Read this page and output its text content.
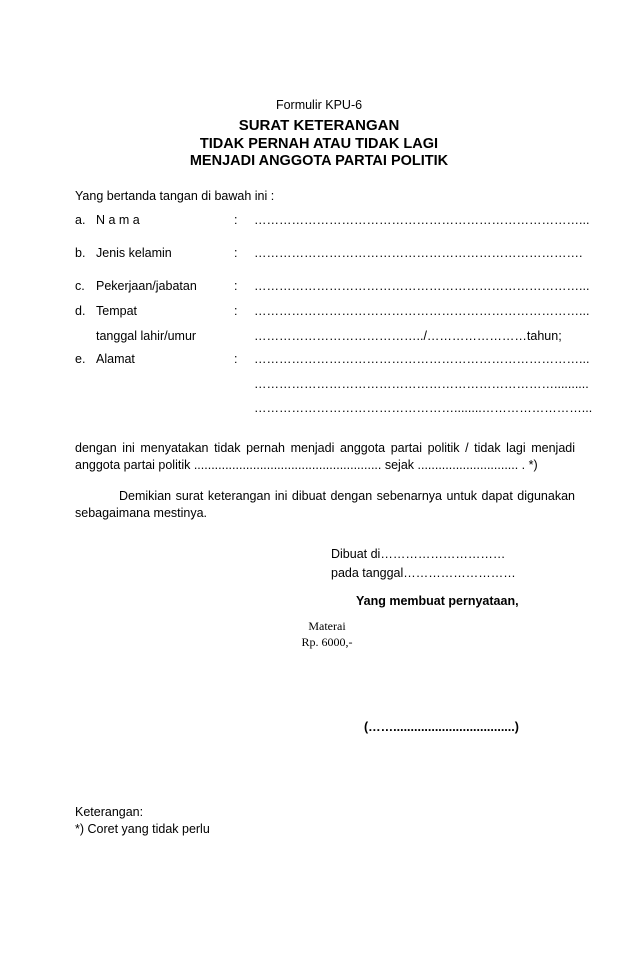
Formulir KPU-6
SURAT KETERANGAN
TIDAK PERNAH ATAU TIDAK LAGI
MENJADI ANGGOTA PARTAI POLITIK
Yang bertanda tangan di bawah ini :
a. N a m a	: ……………………………………………………………………...
b. Jenis kelamin	: …………………………………………………………………….
c. Pekerjaan/jabatan	: ……………………………………………………………………...
d. Tempat	: ……………………………………………………………………...
tanggal lahir/umur	…………………………………../……………………tahun;
e. Alamat	: ……………………………………………………………………...
………………………………………………………………..........
…………………………………………........……………………...
dengan ini menyatakan tidak pernah menjadi anggota partai politik / tidak lagi menjadi anggota partai politik ...................................................... sejak ............................. . *)
Demikian surat keterangan ini dibuat dengan sebenarnya untuk dapat digunakan sebagaimana mestinya.
Dibuat di…………………………
pada tanggal………………………
Yang membuat pernyataan,
Materai
Rp. 6000,-
(……...................................)
Keterangan:
*) Coret yang tidak perlu
